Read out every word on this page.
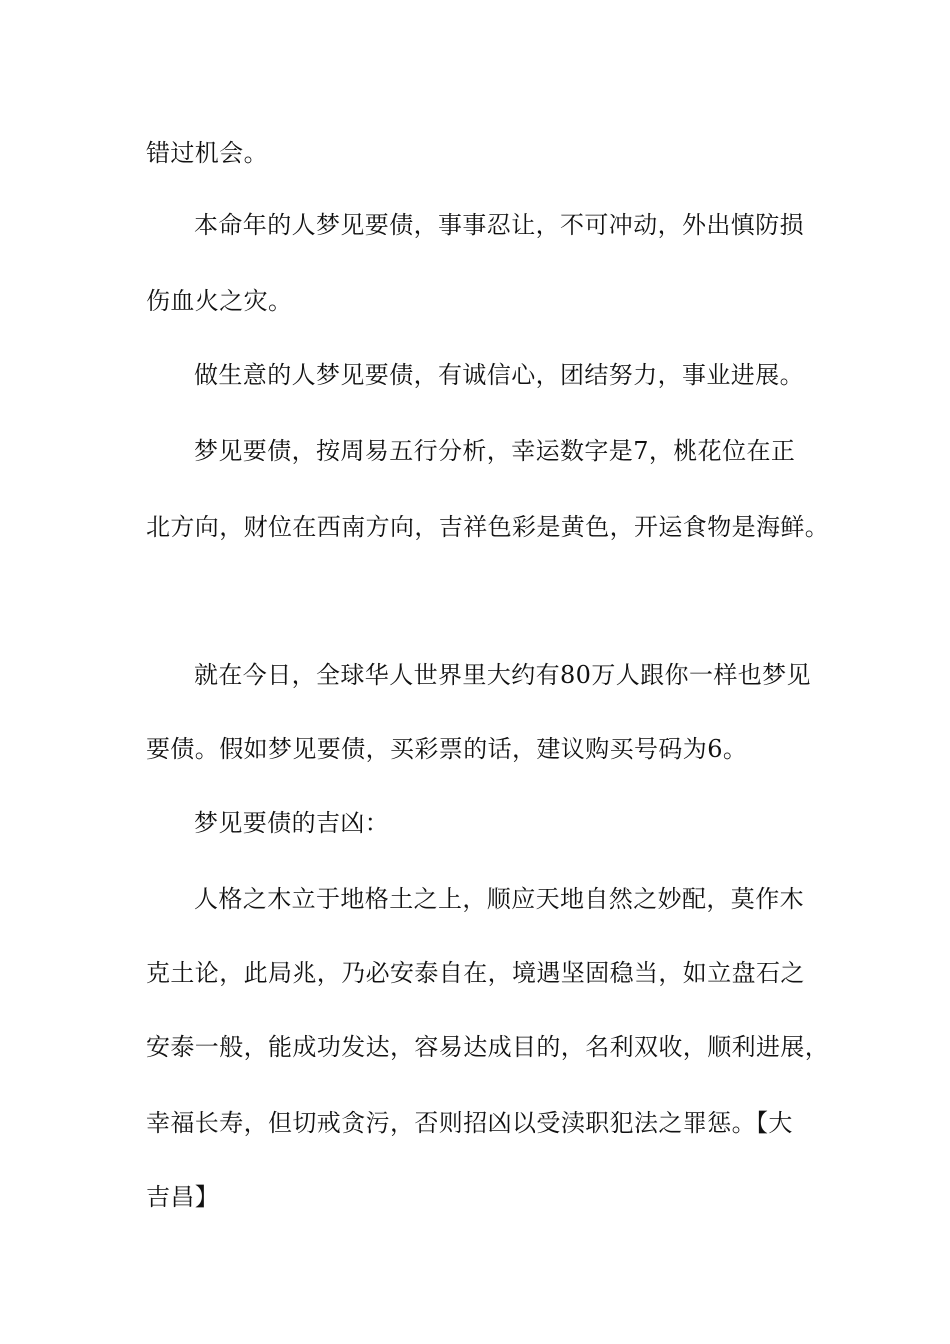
错过机会。
本命年的人梦见要债，事事忍让，不可冲动，外出慎防损
伤血火之灾。
做生意的人梦见要债，有诚信心，团结努力，事业进展。
梦见要债，按周易五行分析，幸运数字是7，桃花位在正
北方向，财位在西南方向，吉祥色彩是黄色，开运食物是海鲜。
就在今日，全球华人世界里大约有80万人跟你一样也梦见
要债。假如梦见要债，买彩票的话，建议购买号码为6。
梦见要债的吉凶：
人格之木立于地格土之上，顺应天地自然之妙配，莫作木
克土论，此局兆，乃必安泰自在，境遇坚固稳当，如立盘石之
安泰一般，能成功发达，容易达成目的，名利双收，顺利进展，
幸福长寿，但切戒贪污，否则招凶以受渎职犯法之罪惩。【大
吉昌】
